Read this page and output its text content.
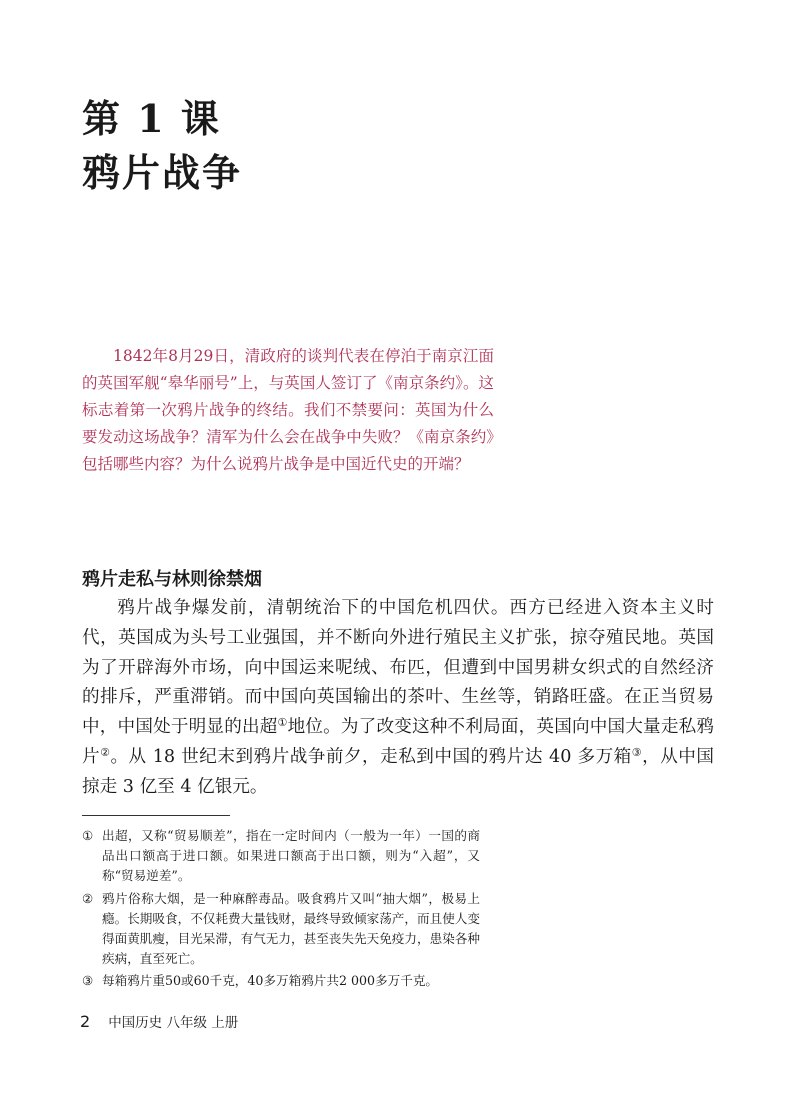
第 1 课
鸦片战争
1842年8月29日，清政府的谈判代表在停泊于南京江面的英国军舰“皋华丽号”上，与英国人签订了《南京条约》。这标志着第一次鸦片战争的终结。我们不禁要问：英国为什么要发动这场战争？清军为什么会在战争中失败？《南京条约》包括哪些内容？为什么说鸦片战争是中国近代史的开端？
鸦片走私与林则徐禁烟
鸦片战争爆发前，清朝统治下的中国危机四伏。西方已经进入资本主义时代，英国成为头号工业强国，并不断向外进行殖民主义扩张，掠夺殖民地。英国为了开辟海外市场，向中国运来呢绒、布匹，但遭到中国男耕女织式的自然经济的排斥，严重滞销。而中国向英国输出的茶叶、生丝等，销路旺盛。在正当贸易中，中国处于明显的出超①地位。为了改变这种不利局面，英国向中国大量走私鸦片②。从 18 世纪末到鸦片战争前夕，走私到中国的鸦片达 40 多万箱③，从中国掠走 3 亿至 4 亿银元。
① 出超，又称“贸易顺差”，指在一定时间内（一般为一年）一国的商品出口额高于进口额。如果进口额高于出口额，则为“入超”，又称“贸易逆差”。
② 鸦片俗称大烟，是一种麻醉毒品。吸食鸦片又叫“抽大烟”，极易上瘾。长期吸食，不仅耗费大量钱财，最终导致倾家荡产，而且使人变得面黄肌瘦，目光呆滞，有气无力，甚至丧失先天免疫力，患染各种疾病，直至死亡。
③ 每箱鸦片重50或60千克，40多万箱鸦片共2 000多万千克。
2 中国历史 八年级 上册
